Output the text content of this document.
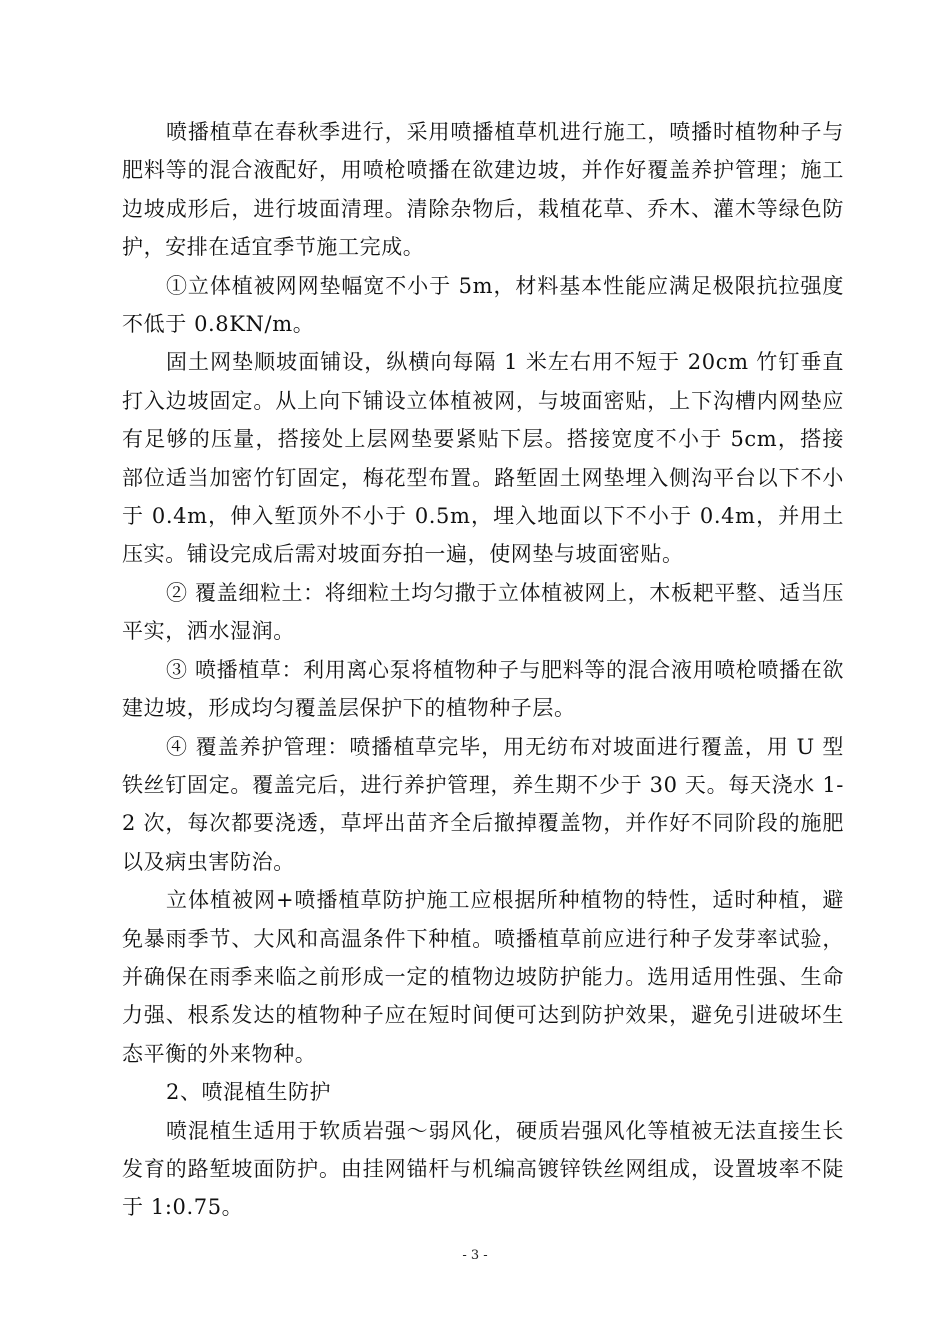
喷播植草在春秋季进行，采用喷播植草机进行施工，喷播时植物种子与肥料等的混合液配好，用喷枪喷播在欲建边坡，并作好覆盖养护管理；施工边坡成形后，进行坡面清理。清除杂物后，栽植花草、乔木、灌木等绿色防护，安排在适宜季节施工完成。

①立体植被网网垫幅宽不小于 5m，材料基本性能应满足极限抗拉强度不低于 0.8KN/m。

固土网垫顺坡面铺设，纵横向每隔 1 米左右用不短于 20cm 竹钉垂直打入边坡固定。从上向下铺设立体植被网，与坡面密贴，上下沟槽内网垫应有足够的压量，搭接处上层网垫要紧贴下层。搭接宽度不小于 5cm，搭接部位适当加密竹钉固定，梅花型布置。路堑固土网垫埋入侧沟平台以下不小于 0.4m，伸入堑顶外不小于 0.5m，埋入地面以下不小于 0.4m，并用土压实。铺设完成后需对坡面夯拍一遍，使网垫与坡面密贴。

② 覆盖细粒土：将细粒土均匀撒于立体植被网上，木板耙平整、适当压平实，洒水湿润。

③ 喷播植草：利用离心泵将植物种子与肥料等的混合液用喷枪喷播在欲建边坡，形成均匀覆盖层保护下的植物种子层。

④ 覆盖养护管理：喷播植草完毕，用无纺布对坡面进行覆盖，用 U 型铁丝钉固定。覆盖完后，进行养护管理，养生期不少于 30 天。每天浇水 1-2 次，每次都要浇透，草坪出苗齐全后撤掉覆盖物，并作好不同阶段的施肥以及病虫害防治。

立体植被网+喷播植草防护施工应根据所种植物的特性，适时种植，避免暴雨季节、大风和高温条件下种植。喷播植草前应进行种子发芽率试验，并确保在雨季来临之前形成一定的植物边坡防护能力。选用适用性强、生命力强、根系发达的植物种子应在短时间便可达到防护效果，避免引进破坏生态平衡的外来物种。

2、喷混植生防护

喷混植生适用于软质岩强～弱风化，硬质岩强风化等植被无法直接生长发育的路堑坡面防护。由挂网锚杆与机编高镀锌铁丝网组成，设置坡率不陡于 1:0.75。

- 3 -
